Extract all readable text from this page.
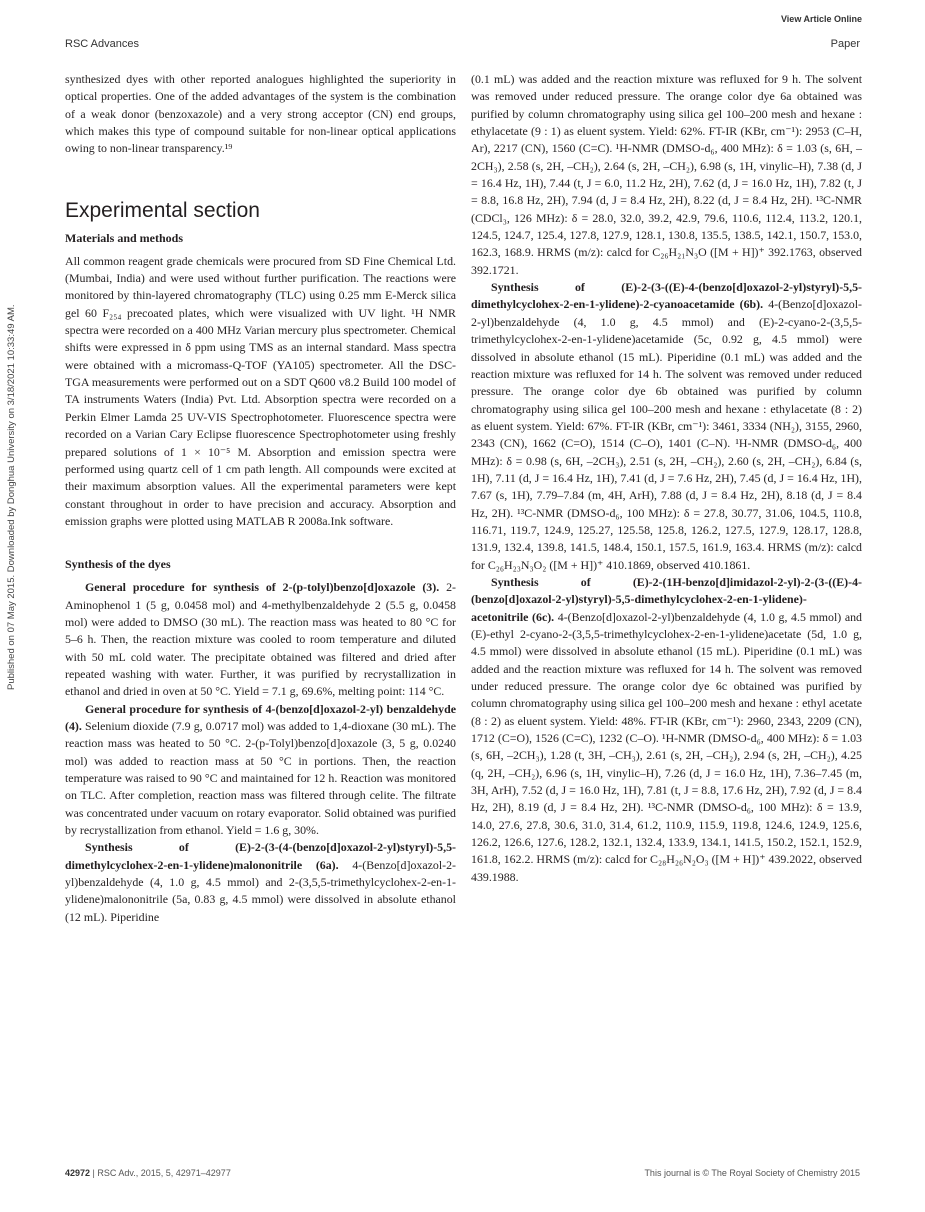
View Article Online
RSC Advances	Paper
Published on 07 May 2015. Downloaded by Donghua University on 3/18/2021 10:33:49 AM.

synthesized dyes with other reported analogues highlighted the superiority in optical properties. One of the added advantages of the system is the combination of a weak donor (benzoxazole) and a very strong acceptor (CN) end groups, which makes this type of compound suitable for non-linear optical applications owing to non-linear transparency.¹⁹

Experimental section
Materials and methods

All common reagent grade chemicals were procured from SD Fine Chemical Ltd. (Mumbai, India) and were used without further purification. The reactions were monitored by thin-layered chromatography (TLC) using 0.25 mm E-Merck silica gel 60 F₂₅₄ precoated plates, which were visualized with UV light. ¹H NMR spectra were recorded on a 400 MHz Varian mercury plus spectrometer. Chemical shifts were expressed in δ ppm using TMS as an internal standard. Mass spectra were obtained with a micromass-Q-TOF (YA105) spectrometer. All the DSC-TGA measurements were performed out on a SDT Q600 v8.2 Build 100 model of TA instruments Waters (India) Pvt. Ltd. Absorption spectra were recorded on a Perkin Elmer Lamda 25 UV-VIS Spectrophotometer. Fluorescence spectra were recorded on a Varian Cary Eclipse fluorescence Spectrophotometer using freshly prepared solutions of 1 × 10⁻⁵ M. Absorption and emission spectra were performed using quartz cell of 1 cm path length. All compounds were excited at their maximum absorption values. All the experimental parameters were kept constant throughout in order to have precision and accuracy. Absorption and emission graphs were plotted using MATLAB R 2008a.Ink software.

Synthesis of the dyes

General procedure for synthesis of 2-(p-tolyl)benzo[d]oxazole (3). 2-Aminophenol 1 (5 g, 0.0458 mol) and 4-methylbenzaldehyde 2 (5.5 g, 0.0458 mol) were added to DMSO (30 mL). The reaction mass was heated to 80 °C for 5–6 h. Then, the reaction mixture was cooled to room temperature and diluted with 50 mL cold water. The precipitate obtained was filtered and dried after repeated washing with water. Further, it was purified by recrystallization in ethanol and dried in oven at 50 °C. Yield = 7.1 g, 69.6%, melting point: 114 °C.

General procedure for synthesis of 4-(benzo[d]oxazol-2-yl) benzaldehyde (4). Selenium dioxide (7.9 g, 0.0717 mol) was added to 1,4-dioxane (30 mL). The reaction mass was heated to 50 °C. 2-(p-Tolyl)benzo[d]oxazole (3, 5 g, 0.0240 mol) was added to reaction mass at 50 °C in portions. Then, the reaction temperature was raised to 90 °C and maintained for 12 h. Reaction was monitored on TLC. After completion, reaction mass was filtered through celite. The filtrate was concentrated under vacuum on rotary evaporator. Solid obtained was purified by recrystallization from ethanol. Yield = 1.6 g, 30%.

Synthesis of (E)-2-(3-(4-(benzo[d]oxazol-2-yl)styryl)-5,5-dimethylcyclohex-2-en-1-ylidene)malononitrile (6a). 4-(Benzo[d]oxazol-2-yl)benzaldehyde (4, 1.0 g, 4.5 mmol) and 2-(3,5,5-trimethylcyclohex-2-en-1-ylidene)malononitrile (5a, 0.83 g, 4.5 mmol) were dissolved in absolute ethanol (12 mL). Piperidine

(0.1 mL) was added and the reaction mixture was refluxed for 9 h. The solvent was removed under reduced pressure. The orange color dye 6a obtained was purified by column chromatography using silica gel 100–200 mesh and hexane : ethylacetate (9 : 1) as eluent system. Yield: 62%. FT-IR (KBr, cm⁻¹): 2953 (C–H, Ar), 2217 (CN), 1560 (C=C). ¹H-NMR (DMSO-d₆, 400 MHz): δ = 1.03 (s, 6H, –2CH₃), 2.58 (s, 2H, –CH₂), 2.64 (s, 2H, –CH₂), 6.98 (s, 1H, vinylic–H), 7.38 (d, J = 16.4 Hz, 1H), 7.44 (t, J = 6.0, 11.2 Hz, 2H), 7.62 (d, J = 16.0 Hz, 1H), 7.82 (t, J = 8.8, 16.8 Hz, 2H), 7.94 (d, J = 8.4 Hz, 2H), 8.22 (d, J = 8.4 Hz, 2H). ¹³C-NMR (CDCl₃, 126 MHz): δ = 28.0, 32.0, 39.2, 42.9, 79.6, 110.6, 112.4, 113.2, 120.1, 124.5, 124.7, 125.4, 127.8, 127.9, 128.1, 130.8, 135.5, 138.5, 142.1, 150.7, 153.0, 162.3, 168.9. HRMS (m/z): calcd for C₂₆H₂₁N₃O ([M + H])⁺ 392.1763, observed 392.1721.

Synthesis of (E)-2-(3-((E)-4-(benzo[d]oxazol-2-yl)styryl)-5,5-dimethylcyclohex-2-en-1-ylidene)-2-cyanoacetamide (6b). 4-(Benzo[d]oxazol-2-yl)benzaldehyde (4, 1.0 g, 4.5 mmol) and (E)-2-cyano-2-(3,5,5-trimethylcyclohex-2-en-1-ylidene)acetamide (5c, 0.92 g, 4.5 mmol) were dissolved in absolute ethanol (15 mL). Piperidine (0.1 mL) was added and the reaction mixture was refluxed for 14 h. The solvent was removed under reduced pressure. The orange color dye 6b obtained was purified by column chromatography using silica gel 100–200 mesh and hexane : ethylacetate (8 : 2) as eluent system. Yield: 67%. FT-IR (KBr, cm⁻¹): 3461, 3334 (NH₂), 3155, 2960, 2343 (CN), 1662 (C=O), 1514 (C–O), 1401 (C–N). ¹H-NMR (DMSO-d₆, 400 MHz): δ = 0.98 (s, 6H, –2CH₃), 2.51 (s, 2H, –CH₂), 2.60 (s, 2H, –CH₂), 6.84 (s, 1H), 7.11 (d, J = 16.4 Hz, 1H), 7.41 (d, J = 7.6 Hz, 2H), 7.45 (d, J = 16.4 Hz, 1H), 7.67 (s, 1H), 7.79–7.84 (m, 4H, ArH), 7.88 (d, J = 8.4 Hz, 2H), 8.18 (d, J = 8.4 Hz, 2H). ¹³C-NMR (DMSO-d₆, 100 MHz): δ = 27.8, 30.77, 31.06, 104.5, 110.8, 116.71, 119.7, 124.9, 125.27, 125.58, 125.8, 126.2, 127.5, 127.9, 128.17, 128.8, 131.9, 132.4, 139.8, 141.5, 148.4, 150.1, 157.5, 161.9, 163.4. HRMS (m/z): calcd for C₂₆H₂₃N₃O₂ ([M + H])⁺ 410.1869, observed 410.1861.

Synthesis of (E)-2-(1H-benzo[d]imidazol-2-yl)-2-(3-((E)-4-(benzo[d]oxazol-2-yl)styryl)-5,5-dimethylcyclohex-2-en-1-ylidene)-acetonitrile (6c). 4-(Benzo[d]oxazol-2-yl)benzaldehyde (4, 1.0 g, 4.5 mmol) and (E)-ethyl 2-cyano-2-(3,5,5-trimethylcyclohex-2-en-1-ylidene)acetate (5d, 1.0 g, 4.5 mmol) were dissolved in absolute ethanol (15 mL). Piperidine (0.1 mL) was added and the reaction mixture was refluxed for 14 h. The solvent was removed under reduced pressure. The orange color dye 6c obtained was purified by column chromatography using silica gel 100–200 mesh and hexane : ethyl acetate (8 : 2) as eluent system. Yield: 48%. FT-IR (KBr, cm⁻¹): 2960, 2343, 2209 (CN), 1712 (C=O), 1526 (C=C), 1232 (C–O). ¹H-NMR (DMSO-d₆, 400 MHz): δ = 1.03 (s, 6H, –2CH₃), 1.28 (t, 3H, –CH₃), 2.61 (s, 2H, –CH₂), 2.94 (s, 2H, –CH₂), 4.25 (q, 2H, –CH₂), 6.96 (s, 1H, vinylic–H), 7.26 (d, J = 16.0 Hz, 1H), 7.36–7.45 (m, 3H, ArH), 7.52 (d, J = 16.0 Hz, 1H), 7.81 (t, J = 8.8, 17.6 Hz, 2H), 7.92 (d, J = 8.4 Hz, 2H), 8.19 (d, J = 8.4 Hz, 2H). ¹³C-NMR (DMSO-d₆, 100 MHz): δ = 13.9, 14.0, 27.6, 27.8, 30.6, 31.0, 31.4, 61.2, 110.9, 115.9, 119.8, 124.6, 124.9, 125.6, 126.2, 126.6, 127.6, 128.2, 132.1, 132.4, 133.9, 134.1, 141.5, 150.2, 152.1, 152.9, 161.8, 162.2. HRMS (m/z): calcd for C₂₈H₂₆N₂O₃ ([M + H])⁺ 439.2022, observed 439.1988.

42972 | RSC Adv., 2015, 5, 42971–42977	This journal is © The Royal Society of Chemistry 2015
